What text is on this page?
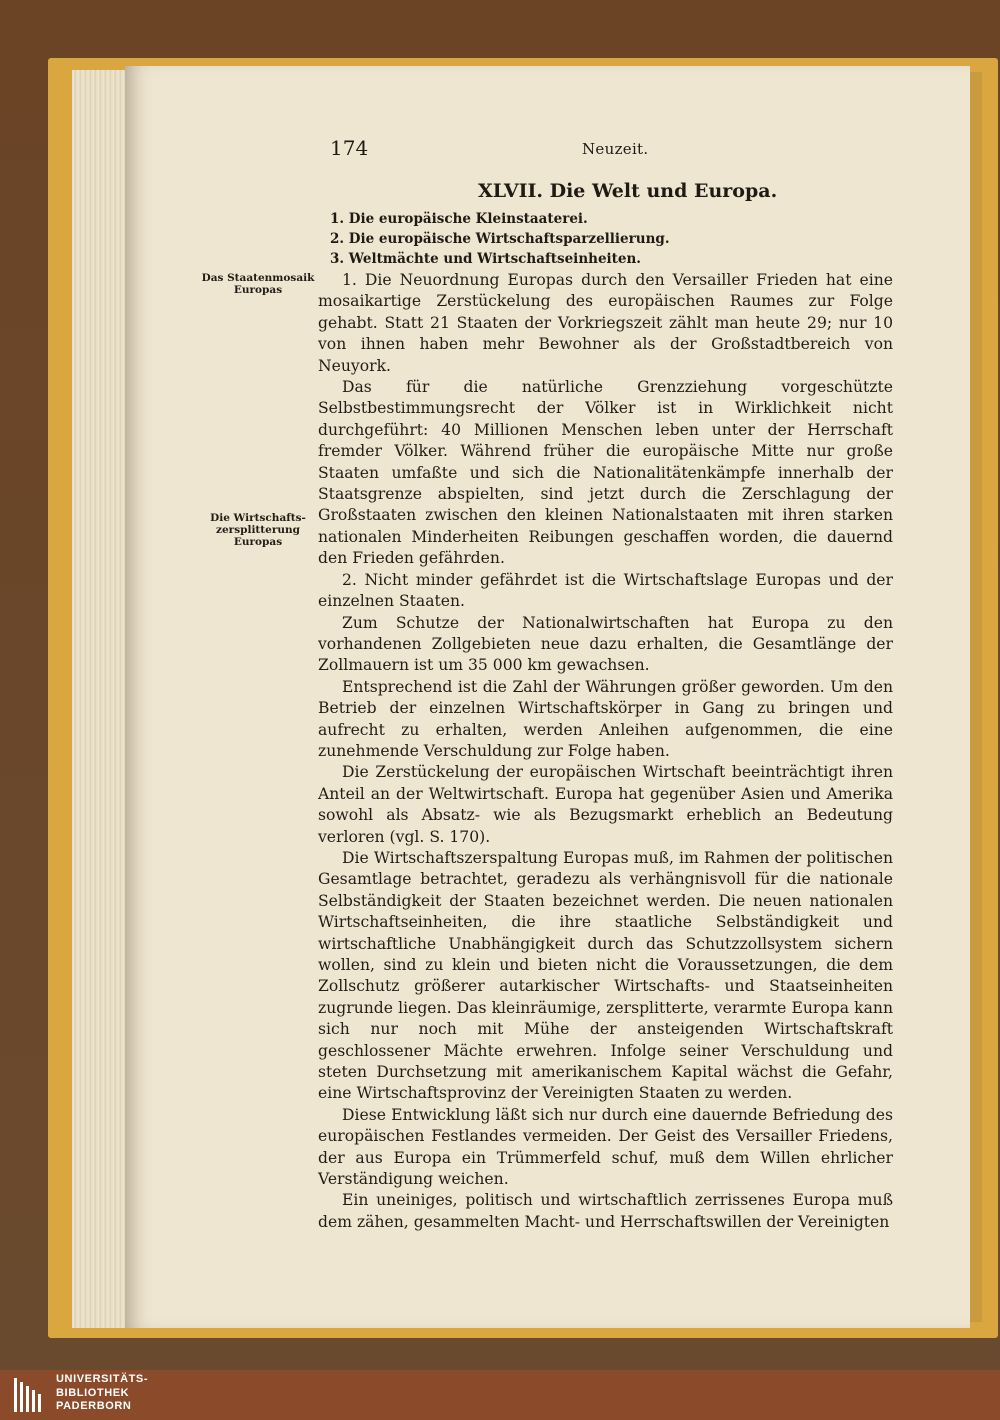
174	Neuzeit.
XLVII. Die Welt und Europa.
1. Die europäische Kleinstaaterei.
2. Die europäische Wirtschaftsparzellierung.
3. Weltmächte und Wirtschaftseinheiten.
Das Staatenmosaik Europas
Die Wirtschafts-zersplitterung Europas

1. Die Neuordnung Europas durch den Versailler Frieden hat eine mosaikartige Zerstückelung des europäischen Raumes zur Folge gehabt. Statt 21 Staaten der Vorkriegszeit zählt man heute 29; nur 10 von ihnen haben mehr Bewohner als der Großstadtbereich von Neuyork.

Das für die natürliche Grenzziehung vorgeschützte Selbstbestimmungsrecht der Völker ist in Wirklichkeit nicht durchgeführt: 40 Millionen Menschen leben unter der Herrschaft fremder Völker. Während früher die europäische Mitte nur große Staaten umfaßte und sich die Nationalitätenkämpfe innerhalb der Staatsgrenze abspielten, sind jetzt durch die Zerschlagung der Großstaaten zwischen den kleinen Nationalstaaten mit ihren starken nationalen Minderheiten Reibungen geschaffen worden, die dauernd den Frieden gefährden.

2. Nicht minder gefährdet ist die Wirtschaftslage Europas und der einzelnen Staaten.

Zum Schutze der Nationalwirtschaften hat Europa zu den vorhandenen Zollgebieten neue dazu erhalten, die Gesamtlänge der Zollmauern ist um 35 000 km gewachsen.

Entsprechend ist die Zahl der Währungen größer geworden. Um den Betrieb der einzelnen Wirtschaftskörper in Gang zu bringen und aufrecht zu erhalten, werden Anleihen aufgenommen, die eine zunehmende Verschuldung zur Folge haben.

Die Zerstückelung der europäischen Wirtschaft beeinträchtigt ihren Anteil an der Weltwirtschaft. Europa hat gegenüber Asien und Amerika sowohl als Absatz- wie als Bezugsmarkt erheblich an Bedeutung verloren (vgl. S. 170).

Die Wirtschaftszerspaltung Europas muß, im Rahmen der politischen Gesamtlage betrachtet, geradezu als verhängnisvoll für die nationale Selbständigkeit der Staaten bezeichnet werden. Die neuen nationalen Wirtschaftseinheiten, die ihre staatliche Selbständigkeit und wirtschaftliche Unabhängigkeit durch das Schutzzollsystem sichern wollen, sind zu klein und bieten nicht die Voraussetzungen, die dem Zollschutz größerer autarkischer Wirtschafts- und Staatseinheiten zugrunde liegen. Das kleinräumige, zersplitterte, verarmte Europa kann sich nur noch mit Mühe der ansteigenden Wirtschaftskraft geschlossener Mächte erwehren. Infolge seiner Verschuldung und steten Durchsetzung mit amerikanischem Kapital wächst die Gefahr, eine Wirtschaftsprovinz der Vereinigten Staaten zu werden.

Diese Entwicklung läßt sich nur durch eine dauernde Befriedung des europäischen Festlandes vermeiden. Der Geist des Versailler Friedens, der aus Europa ein Trümmerfeld schuf, muß dem Willen ehrlicher Verständigung weichen.

Ein uneiniges, politisch und wirtschaftlich zerrissenes Europa muß dem zähen, gesammelten Macht- und Herrschaftswillen der Vereinigten

UNIVERSITÄTS-
BIBLIOTHEK
PADERBORN
